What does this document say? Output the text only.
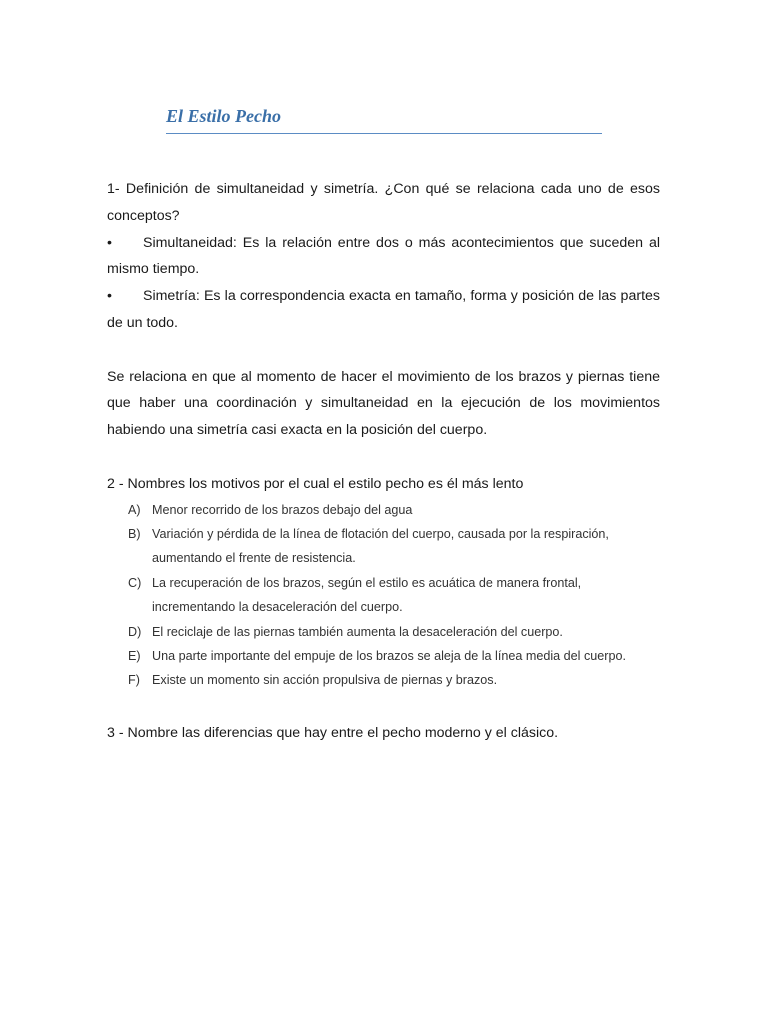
El Estilo Pecho

1- Definición de simultaneidad y simetría. ¿Con qué se relaciona cada uno de esos conceptos?

• Simultaneidad: Es la relación entre dos o más acontecimientos que suceden al mismo tiempo.

• Simetría: Es la correspondencia exacta en tamaño, forma y posición de las partes de un todo.

Se relaciona en que al momento de hacer el movimiento de los brazos y piernas tiene que haber una coordinación y simultaneidad en la ejecución de los movimientos habiendo una simetría casi exacta en la posición del cuerpo.

2 - Nombres los motivos por el cual el estilo pecho es él más lento

A) Menor recorrido de los brazos debajo del agua
B) Variación y pérdida de la línea de flotación del cuerpo, causada por la respiración, aumentando el frente de resistencia.
C) La recuperación de los brazos, según el estilo es acuática de manera frontal, incrementando la desaceleración del cuerpo.
D) El reciclaje de las piernas también aumenta la desaceleración del cuerpo.
E) Una parte importante del empuje de los brazos se aleja de la línea media del cuerpo.
F) Existe un momento sin acción propulsiva de piernas y brazos.

3 - Nombre las diferencias que hay entre el pecho moderno y el clásico.
